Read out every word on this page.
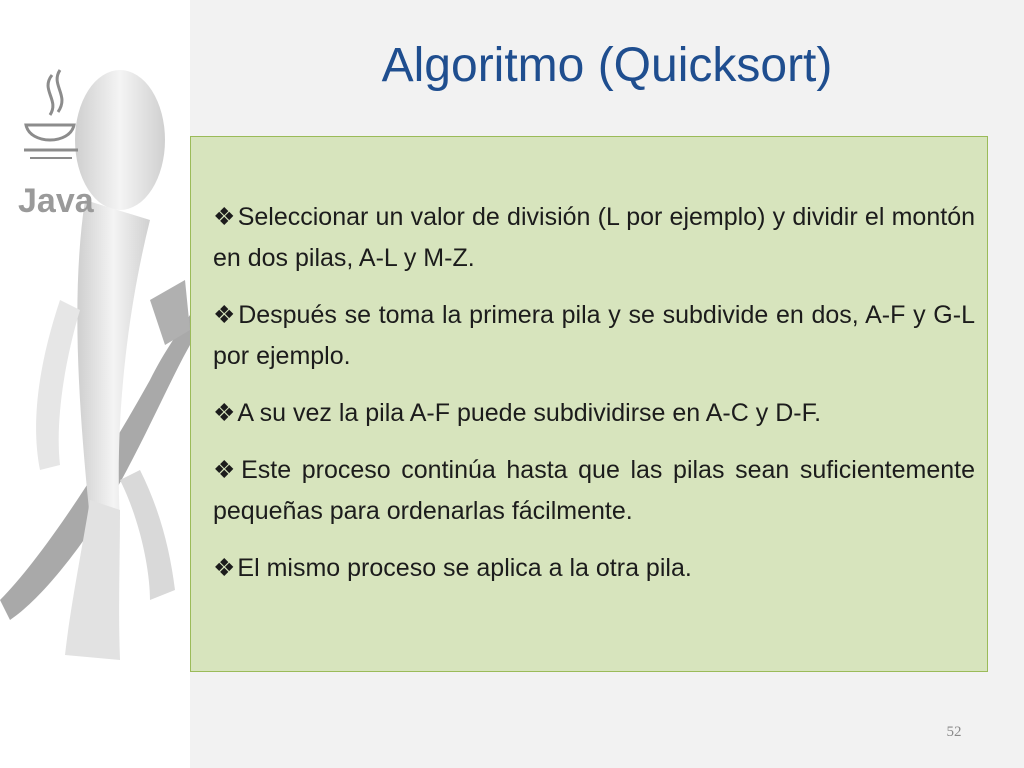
Java
Algoritmo (Quicksort)

❖Seleccionar un valor de división (L por ejemplo) y dividir el montón en dos pilas, A-L y M-Z.

❖Después se toma la primera pila y se subdivide en dos, A-F y G-L por ejemplo.

❖A su vez la pila A-F puede subdividirse en A-C y D-F.

❖Este proceso continúa hasta que las pilas sean suficientemente pequeñas para ordenarlas fácilmente.

❖El mismo proceso se aplica a la otra pila.

52
